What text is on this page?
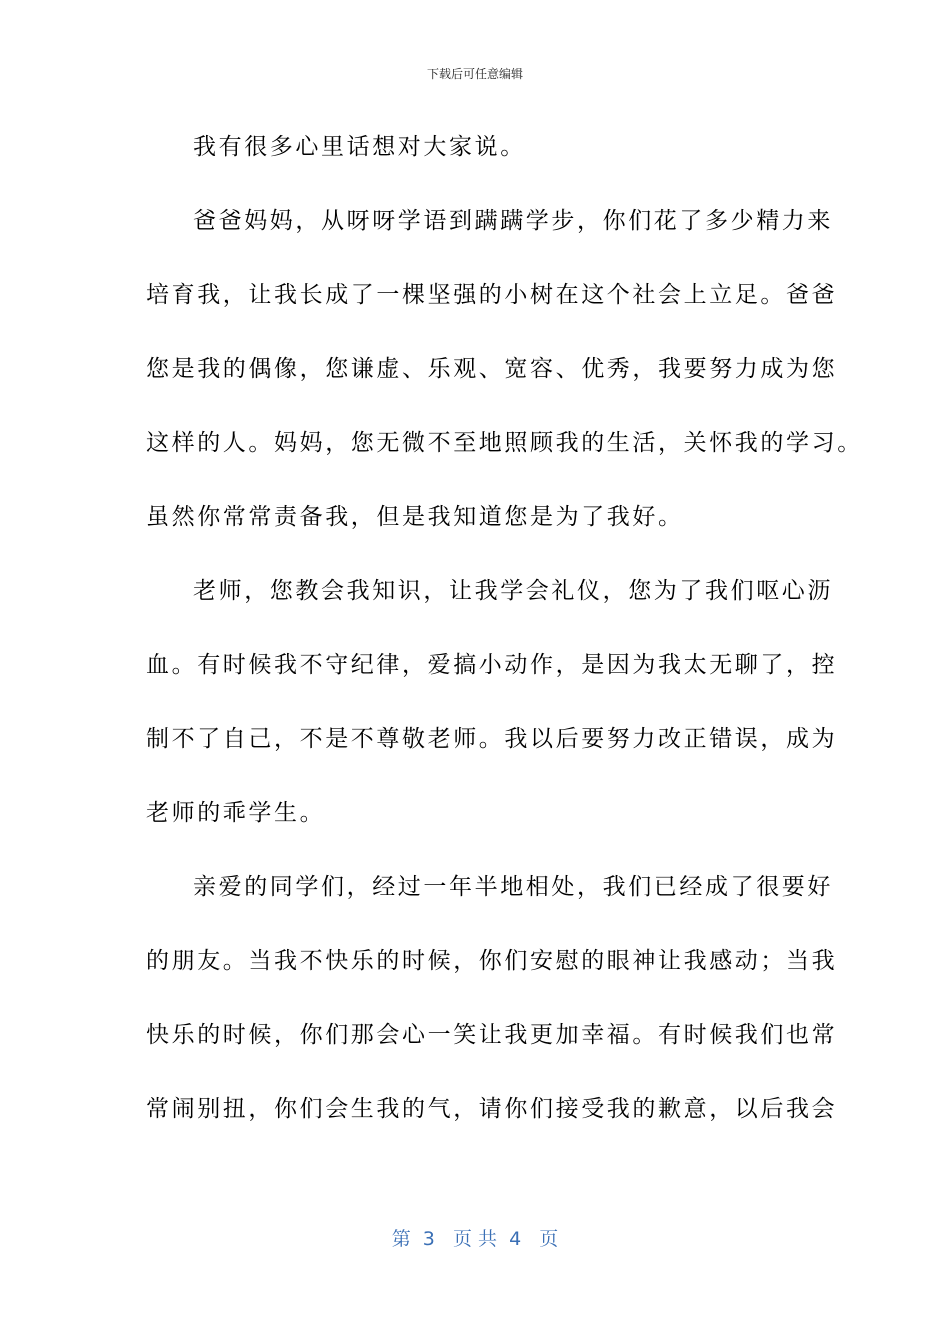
下载后可任意编辑
我有很多心里话想对大家说。
爸爸妈妈，从呀呀学语到蹒蹒学步，你们花了多少精力来
培育我，让我长成了一棵坚强的小树在这个社会上立足。爸爸
您是我的偶像，您谦虚、乐观、宽容、优秀，我要努力成为您
这样的人。妈妈，您无微不至地照顾我的生活，关怀我的学习。
虽然你常常责备我，但是我知道您是为了我好。
老师，您教会我知识，让我学会礼仪，您为了我们呕心沥
血。有时候我不守纪律，爱搞小动作，是因为我太无聊了，控
制不了自己，不是不尊敬老师。我以后要努力改正错误，成为
老师的乖学生。
亲爱的同学们，经过一年半地相处，我们已经成了很要好
的朋友。当我不快乐的时候，你们安慰的眼神让我感动；当我
快乐的时候，你们那会心一笑让我更加幸福。有时候我们也常
常闹别扭，你们会生我的气，请你们接受我的歉意，以后我会
第  3   页 共  4   页
